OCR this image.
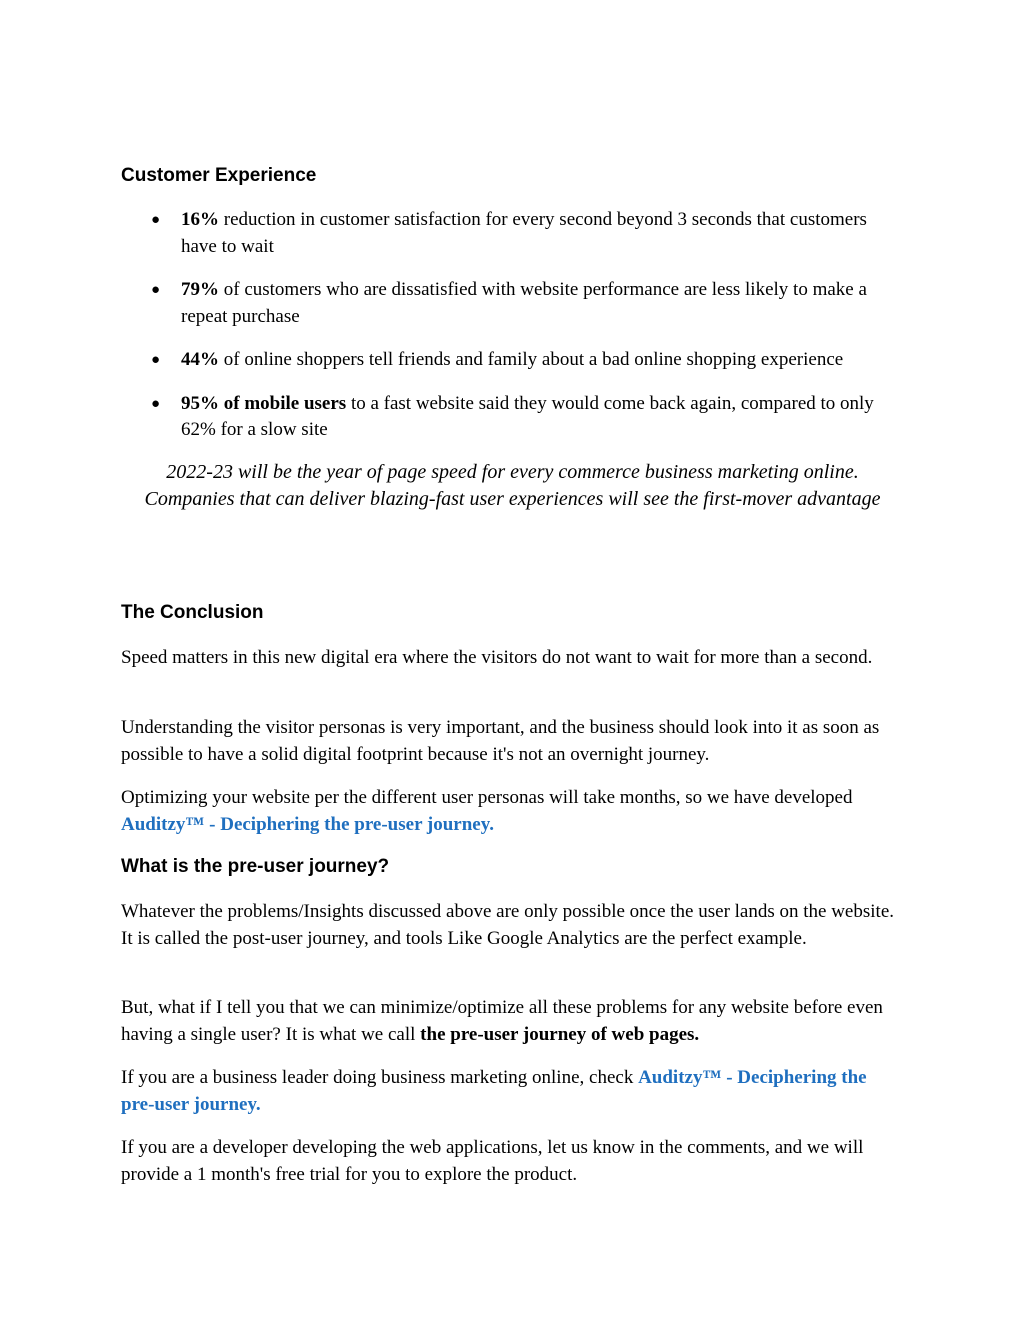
Customer Experience
● 16% reduction in customer satisfaction for every second beyond 3 seconds that customers have to wait
● 79% of customers who are dissatisfied with website performance are less likely to make a repeat purchase
● 44% of online shoppers tell friends and family about a bad online shopping experience
● 95% of mobile users to a fast website said they would come back again, compared to only 62% for a slow site

2022-23 will be the year of page speed for every commerce business marketing online. Companies that can deliver blazing-fast user experiences will see the first-mover advantage

The Conclusion

Speed matters in this new digital era where the visitors do not want to wait for more than a second.

Understanding the visitor personas is very important, and the business should look into it as soon as possible to have a solid digital footprint because it's not an overnight journey.

Optimizing your website per the different user personas will take months, so we have developed Auditzy™ - Deciphering the pre-user journey.

What is the pre-user journey?

Whatever the problems/Insights discussed above are only possible once the user lands on the website. It is called the post-user journey, and tools Like Google Analytics are the perfect example.

But, what if I tell you that we can minimize/optimize all these problems for any website before even having a single user? It is what we call the pre-user journey of web pages.

If you are a business leader doing business marketing online, check Auditzy™ - Deciphering the pre-user journey.

If you are a developer developing the web applications, let us know in the comments, and we will provide a 1 month's free trial for you to explore the product.
